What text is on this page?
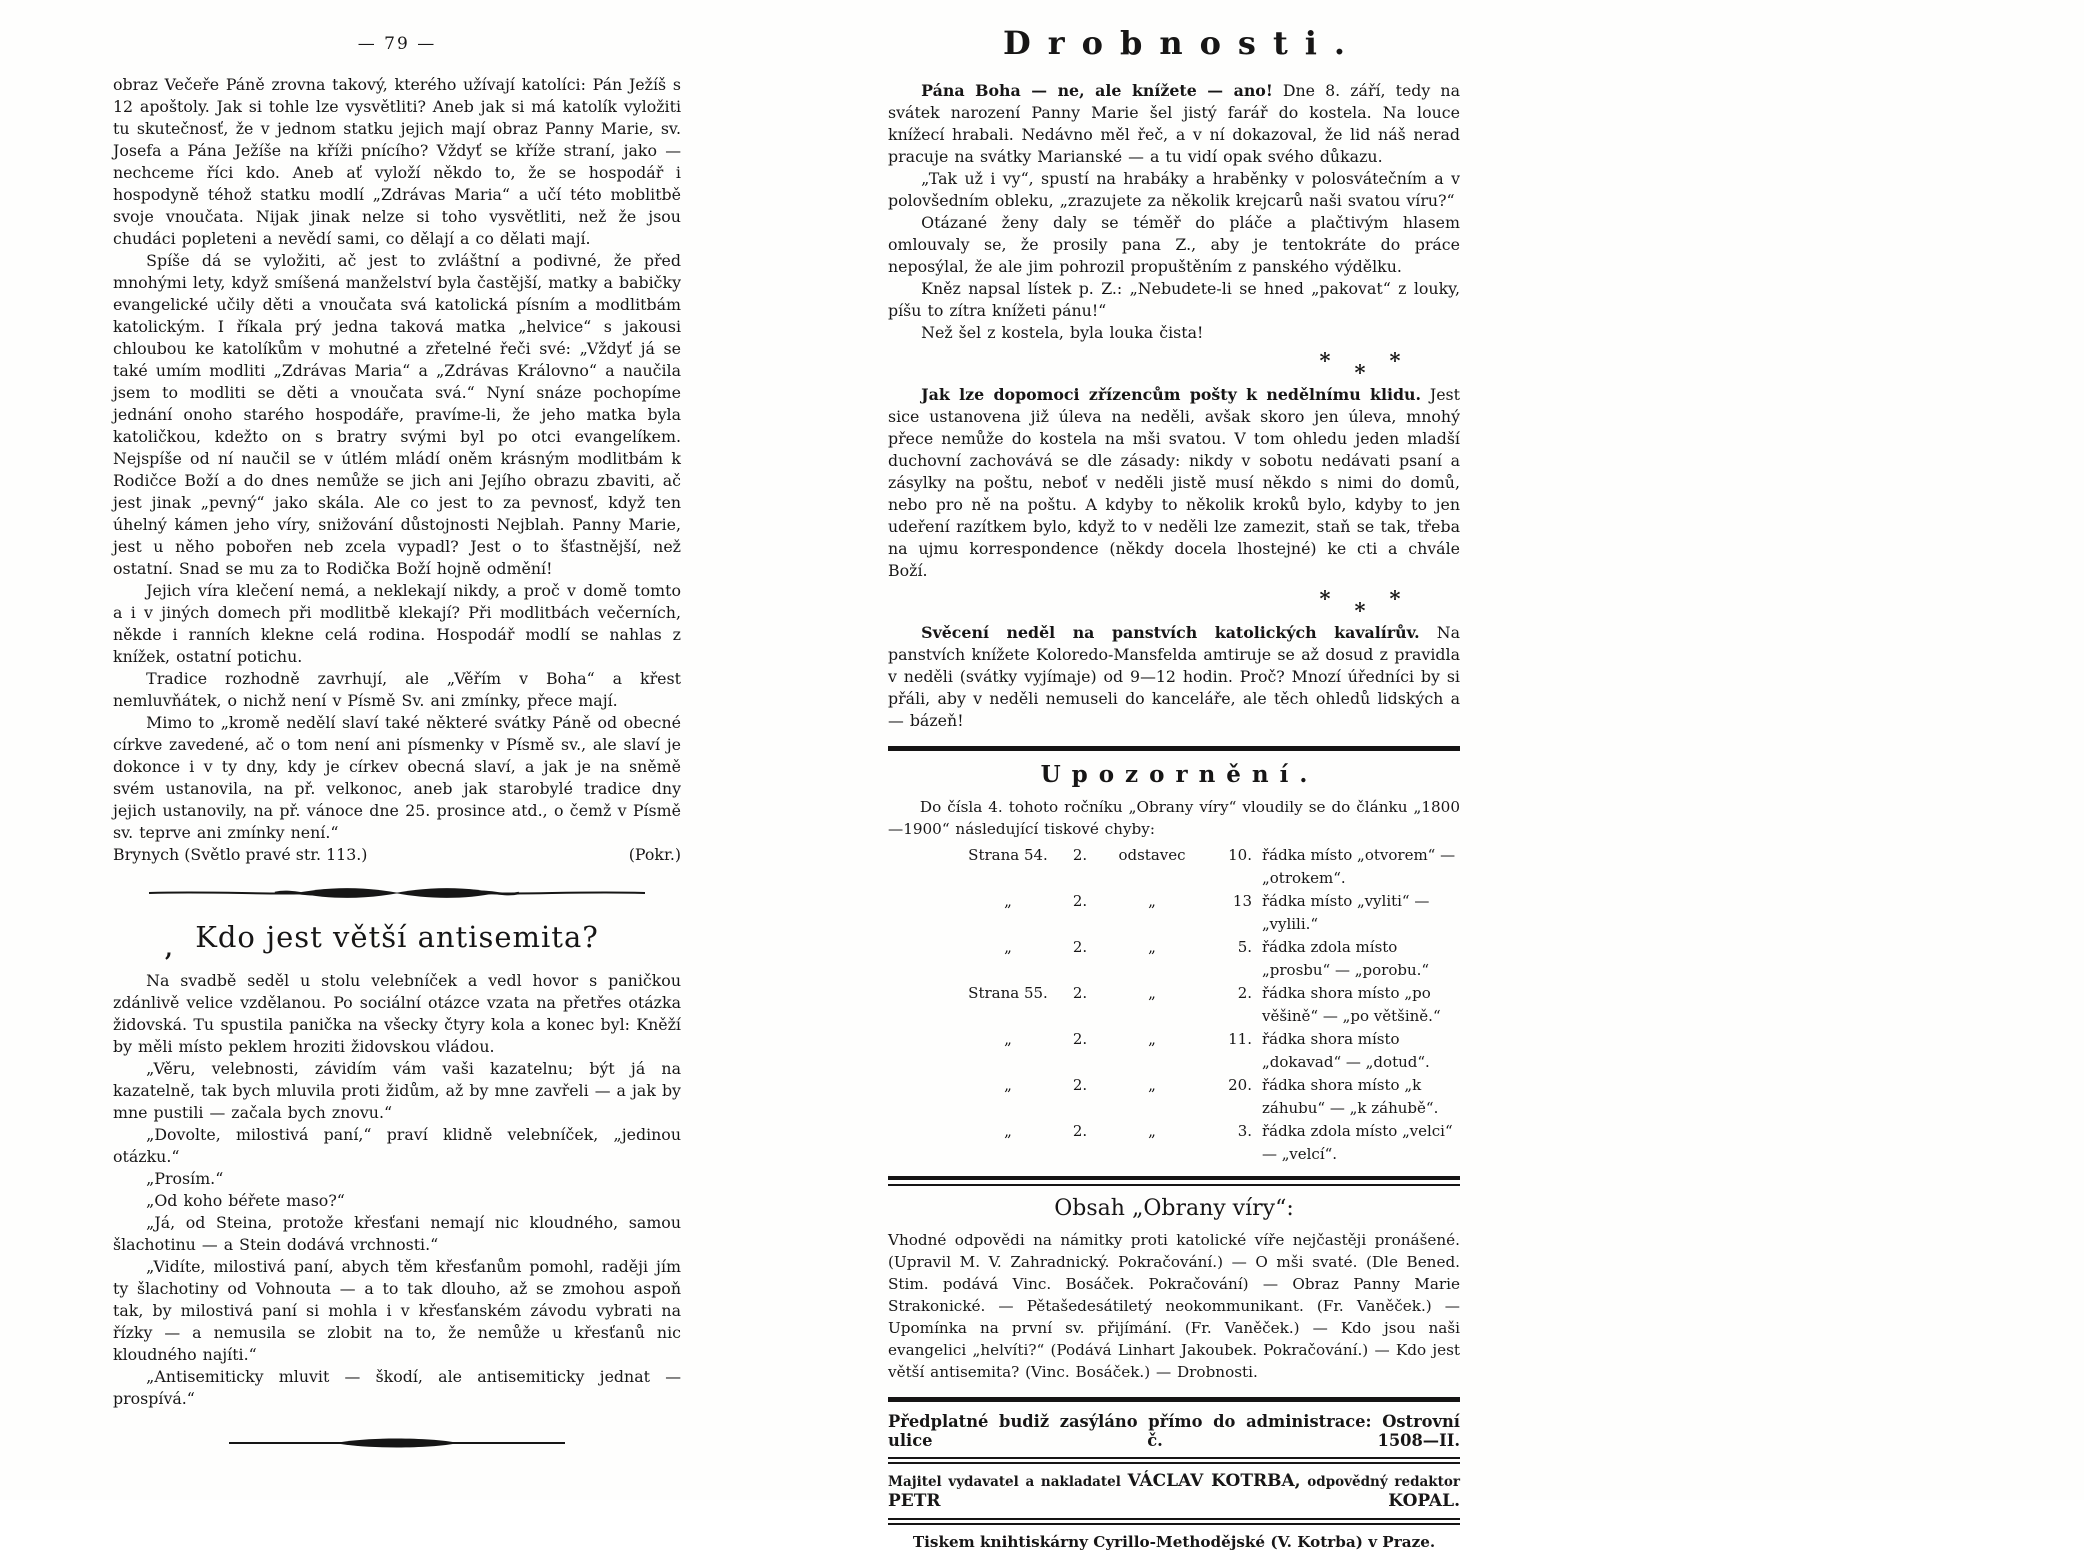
— 79 —

obraz Večeře Páně zrovna takový, kterého užívají katolíci: Pán Ježíš s 12 apoštoly. Jak si tohle lze vysvětliti? Aneb jak si má katolík vyložiti tu skutečnosť, že v jednom statku jejich mají obraz Panny Marie, sv. Josefa a Pána Ježíše na kříži pnícího? Vždyť se kříže straní, jako — nechceme říci kdo. Aneb ať vyloží někdo to, že se hospodář i hospodyně téhož statku modlí „Zdrávas Maria“ a učí této moblitbě svoje vnoučata. Nijak jinak nelze si toho vysvětliti, než že jsou chudáci popleteni a nevědí sami, co dělají a co dělati mají.

Spíše dá se vyložiti, ač jest to zvláštní a podivné, že před mnohými lety, když smíšená manželství byla častější, matky a babičky evangelické učily děti a vnoučata svá katolická písním a modlitbám katolickým. I říkala prý jedna taková matka „helvice“ s jakousi chloubou ke katolíkům v mohutné a zřetelné řeči své: „Vždyť já se také umím modliti „Zdrávas Maria“ a „Zdrávas Královno“ a naučila jsem to modliti se děti a vnoučata svá.“ Nyní snáze pochopíme jednání onoho starého hospodáře, pravíme-li, že jeho matka byla katoličkou, kdežto on s bratry svými byl po otci evangelíkem. Nejspíše od ní naučil se v útlém mládí oněm krásným modlitbám k Rodičce Boží a do dnes nemůže se jich ani Jejího obrazu zbaviti, ač jest jinak „pevný“ jako skála. Ale co jest to za pevnosť, když ten úhelný kámen jeho víry, snižování důstojnosti Nejblah. Panny Marie, jest u něho pobořen neb zcela vypadl? Jest o to šťastnější, než ostatní. Snad se mu za to Rodička Boží hojně odmění!

Jejich víra klečení nemá, a neklekají nikdy, a proč v domě tomto a i v jiných domech při modlitbě klekají? Při modlitbách večerních, někde i ranních klekne celá rodina. Hospodář modlí se nahlas z knížek, ostatní potichu.

Tradice rozhodně zavrhují, ale „Věřím v Boha“ a křest nemluvňátek, o nichž není v Písmě Sv. ani zmínky, přece mají.

Mimo to „kromě nedělí slaví také některé svátky Páně od obecné církve zavedené, ač o tom není ani písmenky v Písmě sv., ale slaví je dokonce i v ty dny, kdy je církev obecná slaví, a jak je na sněmě svém ustanovila, na př. velkonoc, aneb jak starobylé tradice dny jejich ustanovily, na př. vánoce dne 25. prosince atd., o čemž v Písmě sv. teprve ani zmínky není.“

Brynych (Světlo pravé str. 113.)	(Pokr.)
, Kdo jest větší antisemita?

Na svadbě seděl u stolu velebníček a vedl hovor s paničkou zdánlivě velice vzdělanou. Po sociální otázce vzata na přetřes otázka židovská. Tu spustila panička na všecky čtyry kola a konec byl: Kněží by měli místo peklem hroziti židovskou vládou.

„Věru, velebnosti, závidím vám vaši kazatelnu; být já na kazatelně, tak bych mluvila proti židům, až by mne zavřeli — a jak by mne pustili — začala bych znovu.“

„Dovolte, milostivá paní,“ praví klidně velebníček, „jedinou otázku.“

„Prosím.“

„Od koho béřete maso?“

„Já, od Steina, protože křesťani nemají nic kloudného, samou šlachotinu — a Stein dodává vrchnosti.“

„Vidíte, milostivá paní, abych těm křesťanům pomohl, raději jím ty šlachotiny od Vohnouta — a to tak dlouho, až se zmohou aspoň tak, by milostivá paní si mohla i v křesťanském závodu vybrati na řízky — a nemusila se zlobit na to, že nemůže u křesťanů nic kloudného najíti.“

„Antisemiticky mluvit — škodí, ale antisemiticky jednat — prospívá.“

Drobnosti.

Pána Boha — ne, ale knížete — ano! Dne 8. září, tedy na svátek narození Panny Marie šel jistý farář do kostela. Na louce knížecí hrabali. Nedávno měl řeč, a v ní dokazoval, že lid náš nerad pracuje na svátky Marianské — a tu vidí opak svého důkazu.

„Tak už i vy“, spustí na hrabáky a hraběnky v polosvátečním a v polovšedním obleku, „zrazujete za několik krejcarů naši svatou víru?“

Otázané ženy daly se téměř do pláče a plačtivým hlasem omlouvaly se, že prosily pana Z., aby je tentokráte do práce neposýlal, že ale jim pohrozil propuštěním z panského výdělku.

Kněz napsal lístek p. Z.: „Nebudete-li se hned „pakovat“ z louky, píšu to zítra knížeti pánu!“

Než šel z kostela, byla louka čista!

* * *

Jak lze dopomoci zřízencům pošty k nedělnímu klidu. Jest sice ustanovena již úleva na neděli, avšak skoro jen úleva, mnohý přece nemůže do kostela na mši svatou. V tom ohledu jeden mladší duchovní zachovává se dle zásady: nikdy v sobotu nedávati psaní a zásylky na poštu, neboť v neděli jistě musí někdo s nimi do domů, nebo pro ně na poštu. A kdyby to několik kroků bylo, kdyby to jen udeření razítkem bylo, když to v neděli lze zamezit, staň se tak, třeba na ujmu korrespondence (někdy docela lhostejné) ke cti a chvále Boží.

* * *

Svěcení neděl na panstvích katolických kavalírův. Na panstvích knížete Koloredo-Mansfelda amtiruje se až dosud z pravidla v neděli (svátky vyjímaje) od 9—12 hodin. Proč? Mnozí úředníci by si přáli, aby v neděli nemuseli do kanceláře, ale těch ohledů lidských a — bázeň!

Upozornění.

Do čísla 4. tohoto ročníku „Obrany víry“ vloudily se do článku „1800—1900“ následující tiskové chyby:

Strana 54.	2.	odstavec	10. řádka místo „otvorem“ — „otrokem“.
„	2.	„	13 řádka místo „vyliti“ — „vylili.“
„	2.	„	5. řádka zdola místo „prosbu“ — „porobu.“
Strana 55.	2.	„	2. řádka shora místo „po věšině“ — „po většině.“
„	2.	„	11. řádka shora místo „dokavad“ — „dotud“.
„	2.	„	20. řádka shora místo „k záhubu“ — „k záhubě“.
„	2.	„	3. řádka zdola místo „velci“ — „velcí“.
Obsah „Obrany víry“:

Vhodné odpovědi na námitky proti katolické víře nejčastěji pronášené. (Upravil M. V. Zahradnický. Pokračování.) — O mši svaté. (Dle Bened. Stim. podává Vinc. Bosáček. Pokračování) — Obraz Panny Marie Strakonické. — Pětašedesátiletý neokommunikant. (Fr. Vaněček.) — Upomínka na první sv. přijímání. (Fr. Vaněček.) — Kdo jsou naši evangelici „helvíti?“ (Podává Linhart Jakoubek. Pokračování.) — Kdo jest větší antisemita? (Vinc. Bosáček.) — Drobnosti.

Předplatné budiž zasýláno přímo do administrace: Ostrovní ulice č. 1508—II.

Majitel vydavatel a nakladatel VÁCLAV KOTRBA, odpovědný redaktor PETR KOPAL.

Tiskem knihtiskárny Cyrillo-Methodějské (V. Kotrba) v Praze.
